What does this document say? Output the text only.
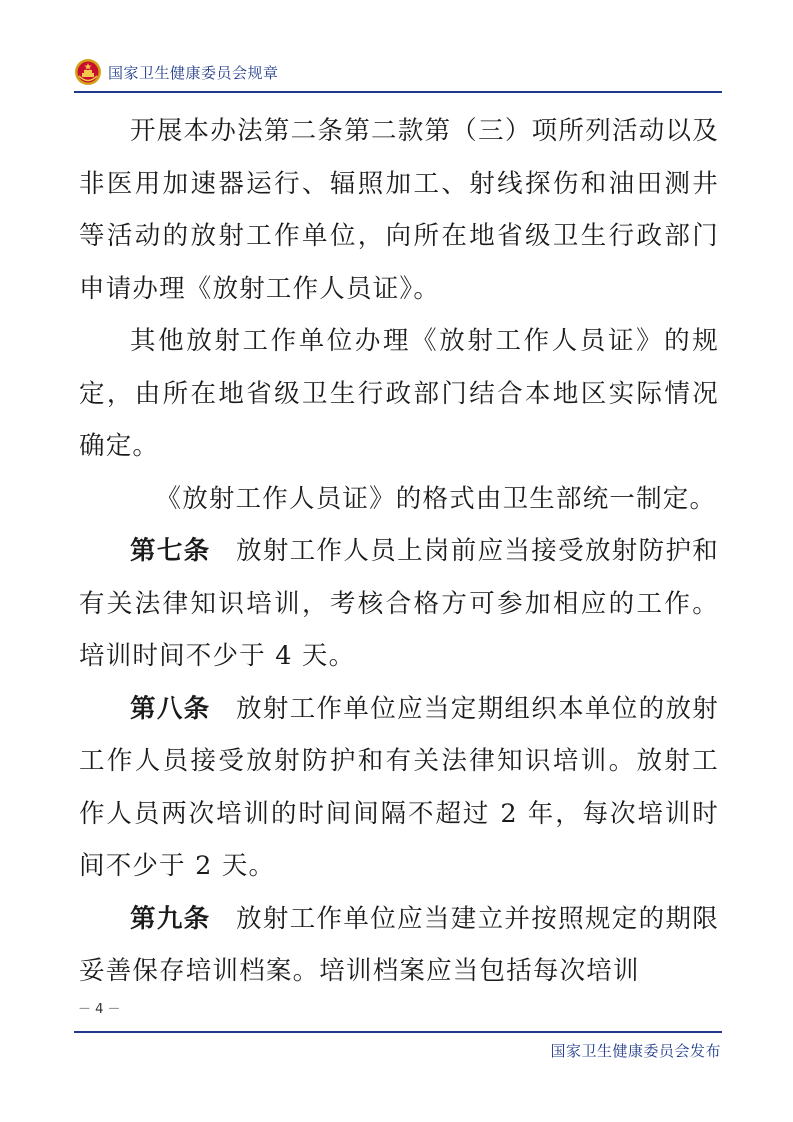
国家卫生健康委员会规章

开展本办法第二条第二款第（三）项所列活动以及非医用加速器运行、辐照加工、射线探伤和油田测井等活动的放射工作单位，向所在地省级卫生行政部门申请办理《放射工作人员证》。

其他放射工作单位办理《放射工作人员证》的规定，由所在地省级卫生行政部门结合本地区实际情况确定。

《放射工作人员证》的格式由卫生部统一制定。

第七条 放射工作人员上岗前应当接受放射防护和有关法律知识培训，考核合格方可参加相应的工作。培训时间不少于 4 天。

第八条 放射工作单位应当定期组织本单位的放射工作人员接受放射防护和有关法律知识培训。放射工作人员两次培训的时间间隔不超过 2 年，每次培训时间不少于 2 天。

第九条 放射工作单位应当建立并按照规定的期限妥善保存培训档案。培训档案应当包括每次培训

－ 4 －
国家卫生健康委员会发布
